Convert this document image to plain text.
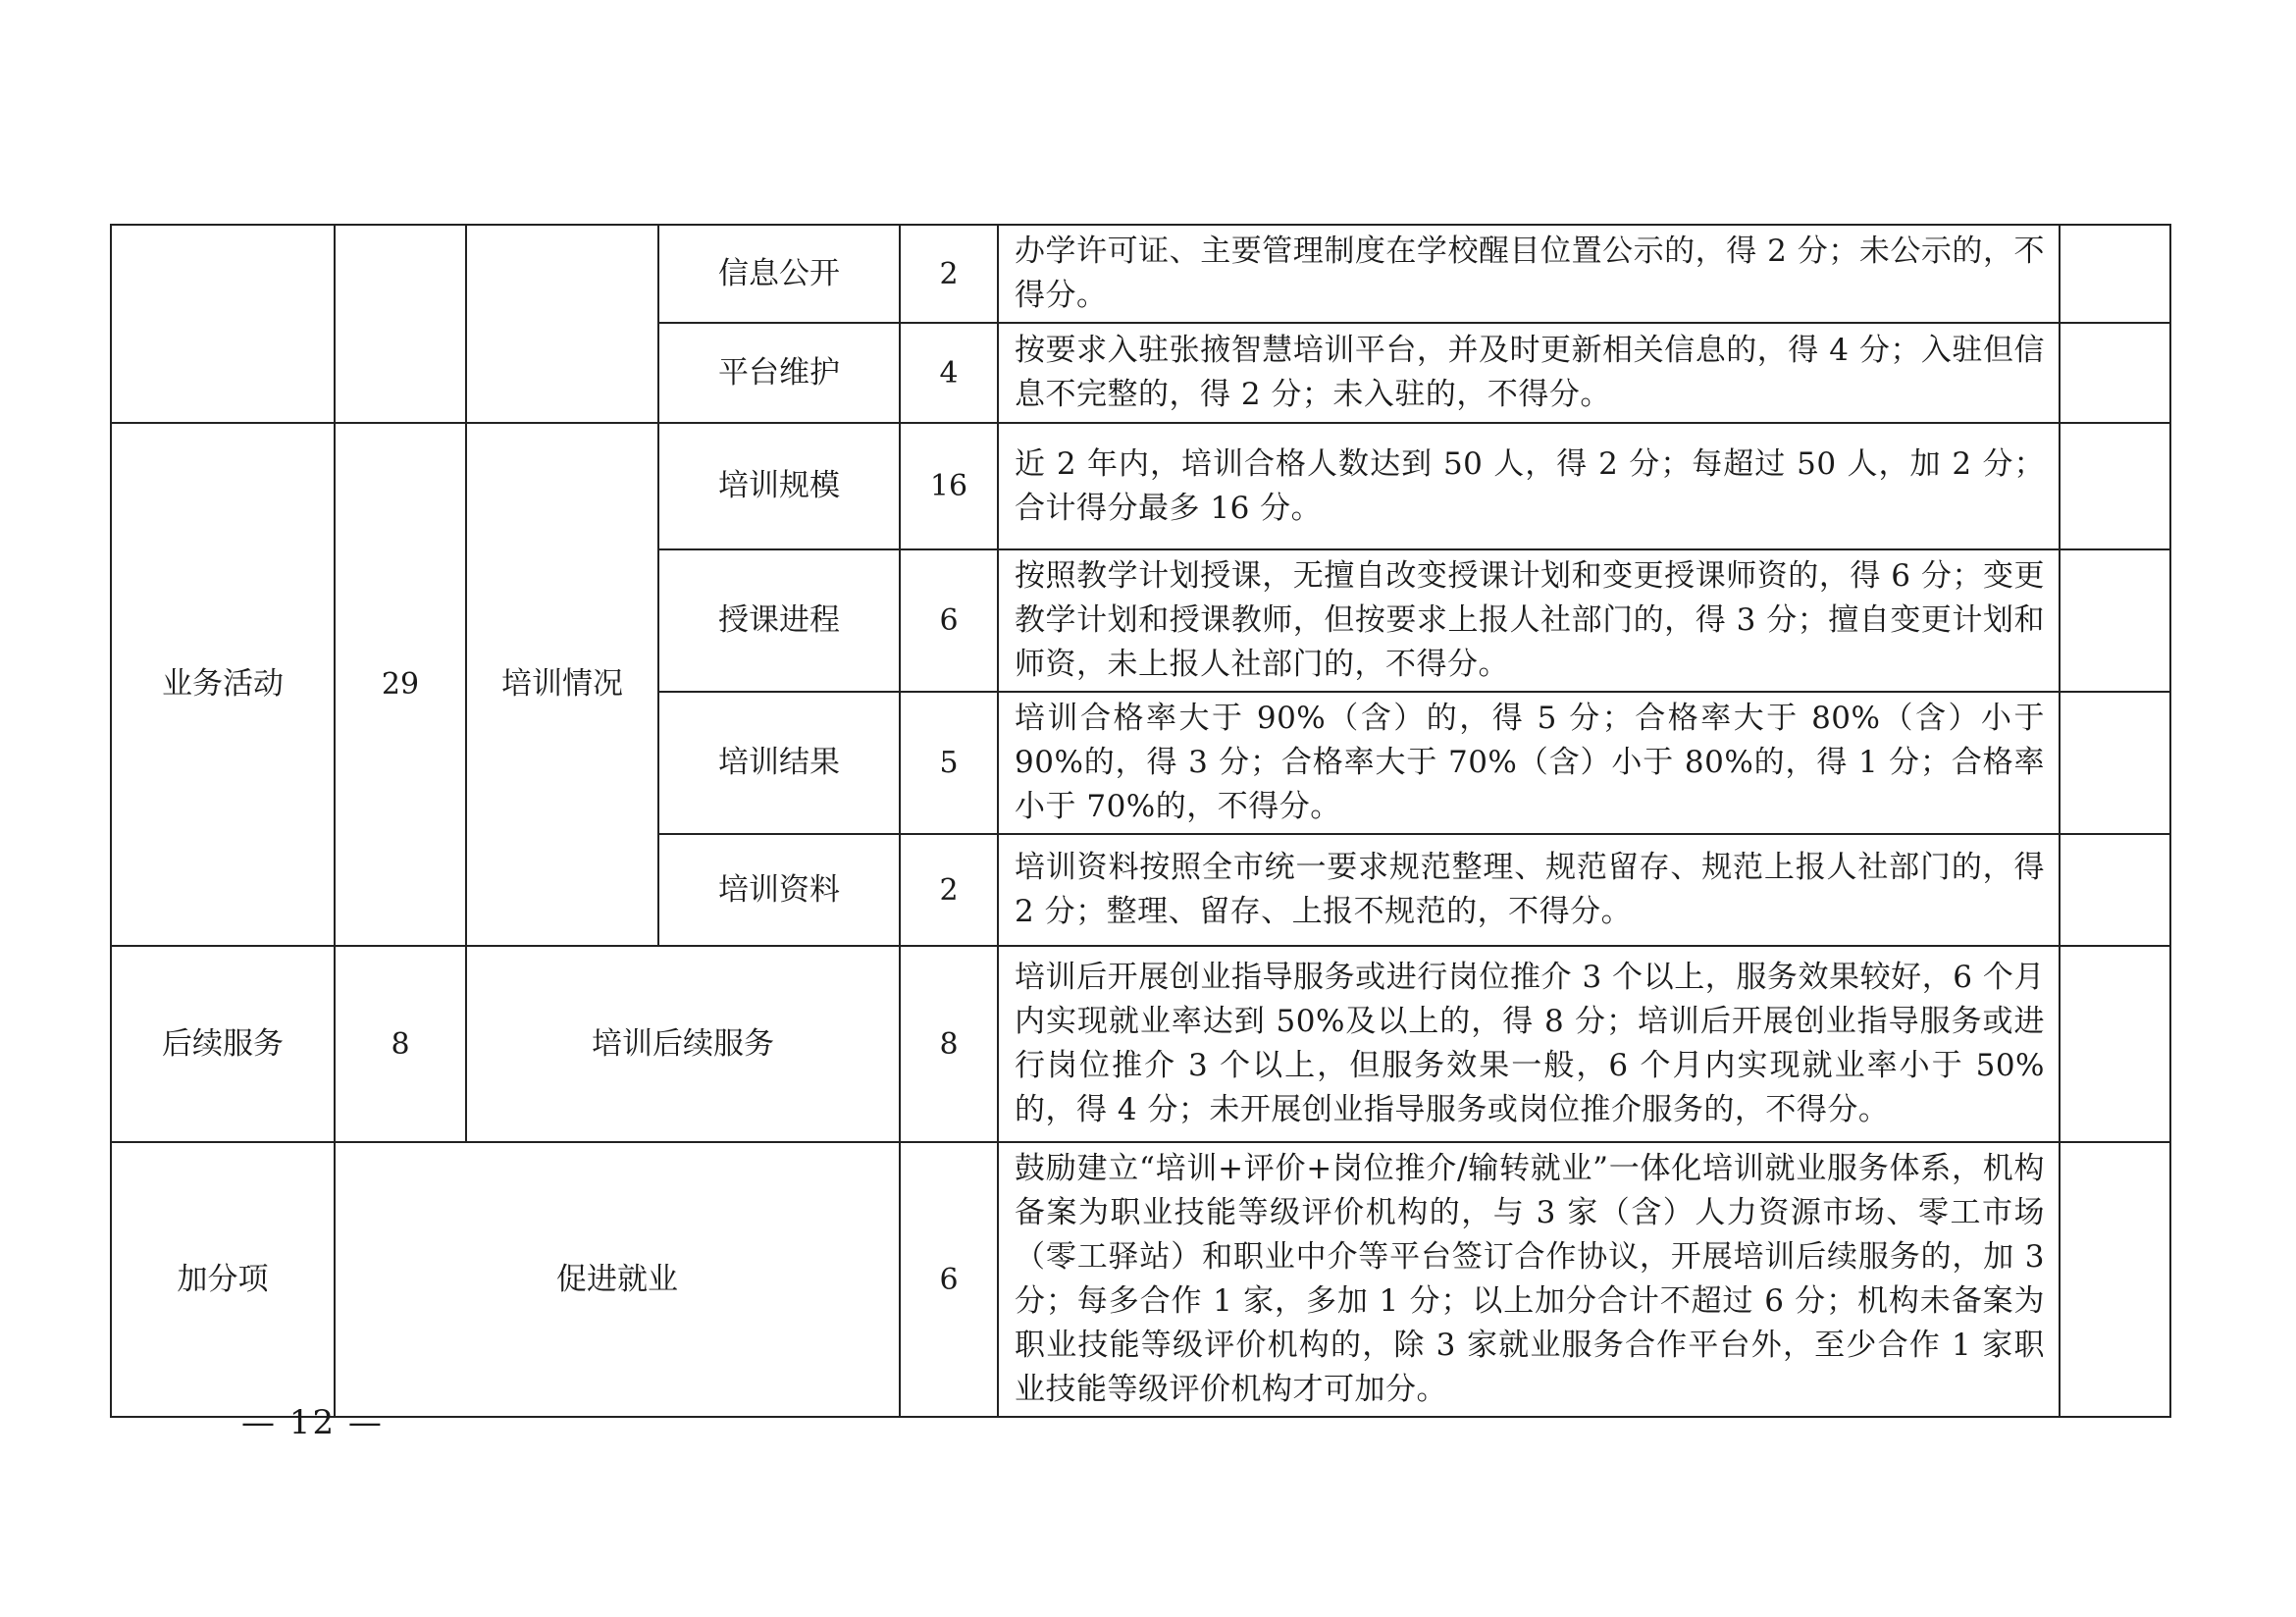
			信息公开	2	办学许可证、主要管理制度在学校醒目位置公示的，得 2 分；未公示的，不得分。	
			平台维护	4	按要求入驻张掖智慧培训平台，并及时更新相关信息的，得 4 分；入驻但信息不完整的，得 2 分；未入驻的，不得分。	
业务活动	29	培训情况	培训规模	16	近 2 年内，培训合格人数达到 50 人，得 2 分；每超过 50 人，加 2 分；合计得分最多 16 分。	
			授课进程	6	按照教学计划授课，无擅自改变授课计划和变更授课师资的，得 6 分；变更教学计划和授课教师，但按要求上报人社部门的，得 3 分；擅自变更计划和师资，未上报人社部门的，不得分。	
			培训结果	5	培训合格率大于 90%（含）的，得 5 分；合格率大于 80%（含）小于 90%的，得 3 分；合格率大于 70%（含）小于 80%的，得 1 分；合格率小于 70%的，不得分。	
			培训资料	2	培训资料按照全市统一要求规范整理、规范留存、规范上报人社部门的，得 2 分；整理、留存、上报不规范的，不得分。	
后续服务	8	培训后续服务		8	培训后开展创业指导服务或进行岗位推介 3 个以上，服务效果较好，6 个月内实现就业率达到 50%及以上的，得 8 分；培训后开展创业指导服务或进行岗位推介 3 个以上，但服务效果一般，6 个月内实现就业率小于 50%的，得 4 分；未开展创业指导服务或岗位推介服务的，不得分。	
加分项	促进就业			6	鼓励建立“培训+评价+岗位推介/输转就业”一体化培训就业服务体系，机构备案为职业技能等级评价机构的，与 3 家（含）人力资源市场、零工市场（零工驿站）和职业中介等平台签订合作协议，开展培训后续服务的，加 3 分；每多合作 1 家，多加 1 分；以上加分合计不超过 6 分；机构未备案为职业技能等级评价机构的，除 3 家就业服务合作平台外，至少合作 1 家职业技能等级评价机构才可加分。	
— 12 —
